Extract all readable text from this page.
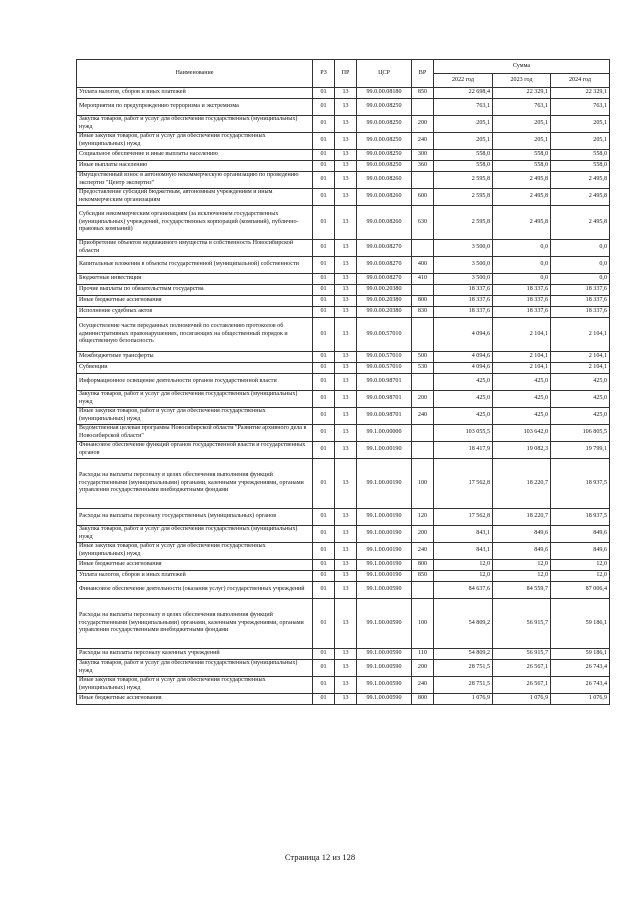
Наименование	РЗ	ПР	ЦСР	ВР	Сумма		
					2022 год	2023 год	2024 год
Уплата налогов, сборов и иных платежей	01	13	99.0.00.08180	850	22 698,4	22 329,1	22 329,1
Мероприятия по предупреждению терроризма и экстремизма	01	13	99.0.00.08250		763,1	763,1	763,1
Закупка товаров, работ и услуг для обеспечения государственных (муниципальных) нужд	01	13	99.0.00.08250	200	205,1	205,1	205,1
Иные закупки товаров, работ и услуг для обеспечения государственных (муниципальных) нужд	01	13	99.0.00.08250	240	205,1	205,1	205,1
Социальное обеспечение и иные выплаты населению	01	13	99.0.00.08250	300	558,0	558,0	558,0
Иные выплаты населению	01	13	99.0.00.08250	360	558,0	558,0	558,0
Имущественный взнос в автономную некоммерческую организацию по проведению экспертиз "Центр экспертиз"	01	13	99.0.00.08260		2 595,8	2 495,8	2 495,8
Предоставление субсидий бюджетным, автономным учреждениям и иным некоммерческим организациям	01	13	99.0.00.08260	600	2 595,8	2 495,8	2 495,8
Субсидии некоммерческим организациям (за исключением государственных (муниципальных) учреждений, государственных корпораций (компаний), публично-правовых компаний)	01	13	99.0.00.08260	630	2 595,8	2 495,8	2 495,8
Приобретение объектов недвижимого имущества в собственность Новосибирской области	01	13	99.0.00.08270		3 500,0	0,0	0,0
Капитальные вложения в объекты государственной (муниципальной) собственности	01	13	99.0.00.08270	400	3 500,0	0,0	0,0
Бюджетные инвестиции	01	13	99.0.00.08270	410	3 500,0	0,0	0,0
Прочие выплаты по обязательствам государства	01	13	99.0.00.20380		18 337,6	18 337,6	18 337,6
Иные бюджетные ассигнования	01	13	99.0.00.20380	800	18 337,6	18 337,6	18 337,6
Исполнение судебных актов	01	13	99.0.00.20380	830	18 337,6	18 337,6	18 337,6
Осуществление части переданных полномочий по составлению протоколов об административных правонарушениях, посягающих на общественный порядок и общественную безопасность	01	13	99.0.00.57010		4 094,6	2 104,1	2 104,1
Межбюджетные трансферты	01	13	99.0.00.57010	500	4 094,6	2 104,1	2 104,1
Субвенции	01	13	99.0.00.57010	530	4 094,6	2 104,1	2 104,1
Информационное освещение деятельности органов государственной власти	01	13	99.0.00.98701		425,0	425,0	425,0
Закупка товаров, работ и услуг для обеспечения государственных (муниципальных) нужд	01	13	99.0.00.98701	200	425,0	425,0	425,0
Иные закупки товаров, работ и услуг для обеспечения государственных (муниципальных) нужд	01	13	99.0.00.98701	240	425,0	425,0	425,0
Ведомственная целевая программа Новосибирской области "Развитие архивного дела в Новосибирской области"	01	13	99.1.00.00000		103 055,5	103 642,0	106 805,5
Финансовое обеспечение функций органов государственной власти и государственных органов	01	13	99.1.00.00190		18 417,9	19 082,3	19 799,1
Расходы на выплаты персоналу в целях обеспечения выполнения функций государственными (муниципальными) органами, казенными учреждениями, органами управления государственными внебюджетными фондами	01	13	99.1.00.00190	100	17 562,8	18 220,7	18 937,5
Расходы на выплаты персоналу государственных (муниципальных) органов	01	13	99.1.00.00190	120	17 562,8	18 220,7	18 937,5
Закупка товаров, работ и услуг для обеспечения государственных (муниципальных) нужд	01	13	99.1.00.00190	200	843,1	849,6	849,6
Иные закупки товаров, работ и услуг для обеспечения государственных (муниципальных) нужд	01	13	99.1.00.00190	240	843,1	849,6	849,6
Иные бюджетные ассигнования	01	13	99.1.00.00190	800	12,0	12,0	12,0
Уплата налогов, сборов и иных платежей	01	13	99.1.00.00190	850	12,0	12,0	12,0
Финансовое обеспечение деятельности (оказания услуг) государственных учреждений	01	13	99.1.00.00590		84 637,6	84 559,7	87 006,4
Расходы на выплаты персоналу в целях обеспечения выполнения функций государственными (муниципальными) органами, казенными учреждениями, органами управления государственными внебюджетными фондами	01	13	99.1.00.00590	100	54 809,2	56 915,7	59 186,1
Расходы на выплаты персоналу казенных учреждений	01	13	99.1.00.00590	110	54 809,2	56 915,7	59 186,1
Закупка товаров, работ и услуг для обеспечения государственных (муниципальных) нужд	01	13	99.1.00.00590	200	28 751,5	26 567,1	26 743,4
Иные закупки товаров, работ и услуг для обеспечения государственных (муниципальных) нужд	01	13	99.1.00.00590	240	28 751,5	26 567,1	26 743,4
Иные бюджетные ассигнования	01	13	99.1.00.00590	800	1 076,9	1 076,9	1 076,9
Страница 12 из 128
